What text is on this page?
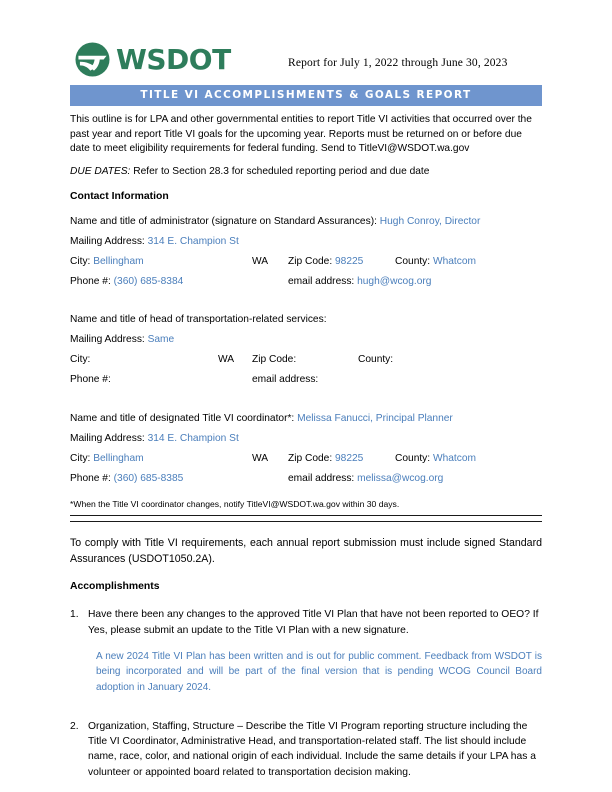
WSDOT	Report for July 1, 2022 through June 30, 2023
TITLE VI ACCOMPLISHMENTS & GOALS REPORT
This outline is for LPA and other governmental entities to report Title VI activities that occurred over the past year and report Title VI goals for the upcoming year. Reports must be returned on or before due date to meet eligibility requirements for federal funding. Send to TitleVI@WSDOT.wa.gov
DUE DATES: Refer to Section 28.3 for scheduled reporting period and due date
Contact Information
Name and title of administrator (signature on Standard Assurances): Hugh Conroy, Director
Mailing Address: 314 E. Champion St
City: Bellingham	WA Zip Code: 98225	County: Whatcom
Phone #: (360) 685-8384	email address: hugh@wcog.org
Name and title of head of transportation-related services:
Mailing Address: Same
City:	WA Zip Code:	County:
Phone #:	email address:
Name and title of designated Title VI coordinator*: Melissa Fanucci, Principal Planner
Mailing Address: 314 E. Champion St
City: Bellingham	WA Zip Code: 98225	County: Whatcom
Phone #: (360) 685-8385	email address: melissa@wcog.org
*When the Title VI coordinator changes, notify TitleVI@WSDOT.wa.gov within 30 days.
To comply with Title VI requirements, each annual report submission must include signed Standard Assurances (USDOT1050.2A).
Accomplishments
1. Have there been any changes to the approved Title VI Plan that have not been reported to OEO? If Yes, please submit an update to the Title VI Plan with a new signature.
A new 2024 Title VI Plan has been written and is out for public comment. Feedback from WSDOT is being incorporated and will be part of the final version that is pending WCOG Council Board adoption in January 2024.
2. Organization, Staffing, Structure – Describe the Title VI Program reporting structure including the Title VI Coordinator, Administrative Head, and transportation-related staff. The list should include name, race, color, and national origin of each individual. Include the same details if your LPA has a volunteer or appointed board related to transportation decision making.
